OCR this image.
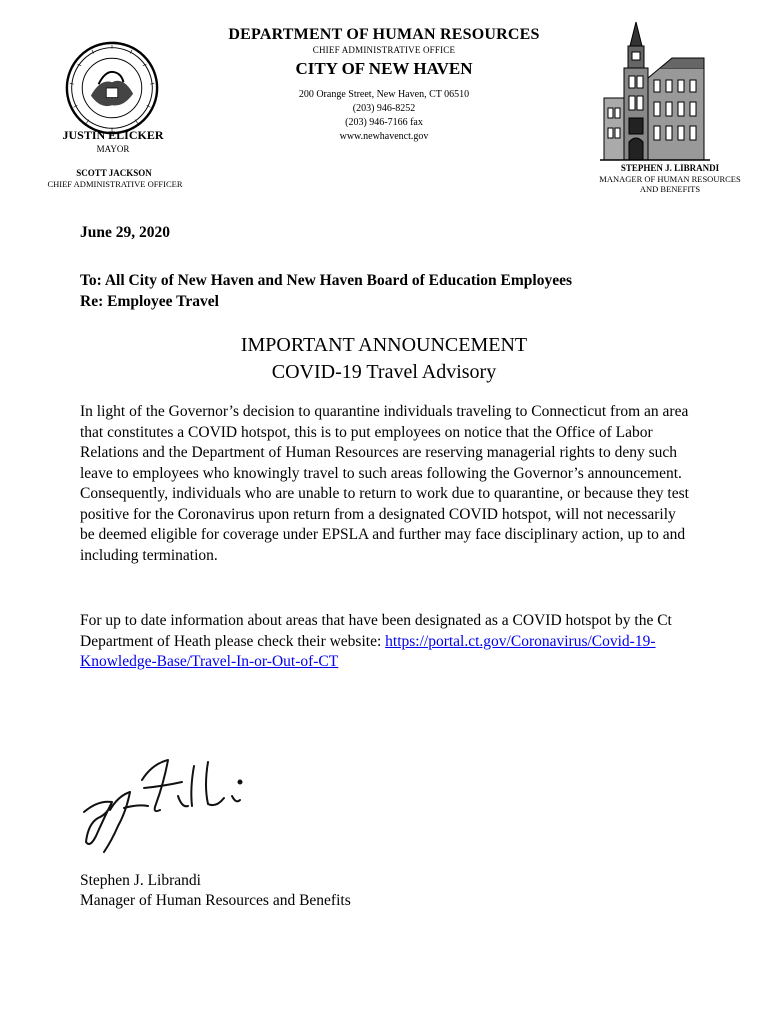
DEPARTMENT OF HUMAN RESOURCES
CHIEF ADMINISTRATIVE OFFICE
CITY OF NEW HAVEN
200 Orange Street, New Haven, CT 06510
(203) 946-8252
(203) 946-7166 fax
www.newhavenct.gov
JUSTIN ELICKER
MAYOR
SCOTT JACKSON
CHIEF ADMINISTRATIVE OFFICER
STEPHEN J. LIBRANDI
MANAGER OF HUMAN RESOURCES
AND BENEFITS
June 29, 2020
To: All City of New Haven and New Haven Board of Education Employees
Re: Employee Travel
IMPORTANT ANNOUNCEMENT
COVID-19 Travel Advisory
In light of the Governor’s decision to quarantine individuals traveling to Connecticut from an area that constitutes a COVID hotspot, this is to put employees on notice that the Office of Labor Relations and the Department of Human Resources are reserving managerial rights to deny such leave to employees who knowingly travel to such areas following the Governor’s announcement. Consequently, individuals who are unable to return to work due to quarantine, or because they test positive for the Coronavirus upon return from a designated COVID hotspot, will not necessarily be deemed eligible for coverage under EPSLA and further may face disciplinary action, up to and including termination.
For up to date information about areas that have been designated as a COVID hotspot by the Ct Department of Heath please check their website: https://portal.ct.gov/Coronavirus/Covid-19-Knowledge-Base/Travel-In-or-Out-of-CT
Stephen J. Librandi
Manager of Human Resources and Benefits
